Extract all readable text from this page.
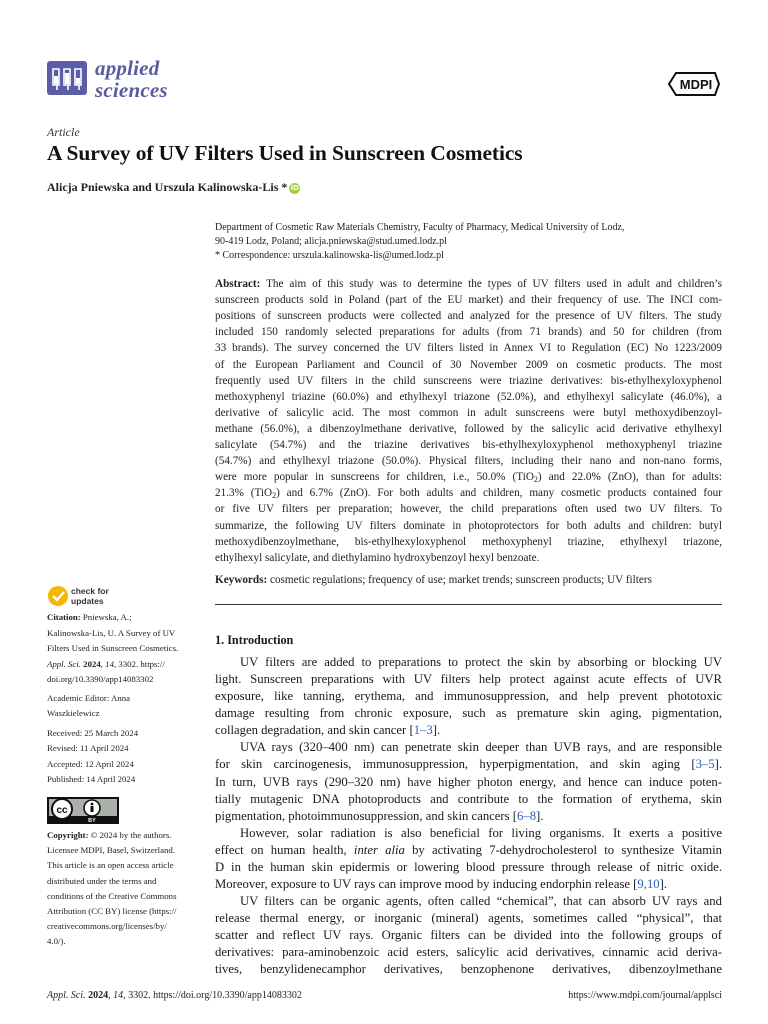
applied
sciences	MDPI
Article
A Survey of UV Filters Used in Sunscreen Cosmetics
Alicja Pniewska and Urszula Kalinowska-Lis * iD
Department of Cosmetic Raw Materials Chemistry, Faculty of Pharmacy, Medical University of Lodz,
90-419 Lodz, Poland; alicja.pniewska@stud.umed.lodz.pl
* Correspondence: urszula.kalinowska-lis@umed.lodz.pl
Abstract: The aim of this study was to determine the types of UV filters used in adult and children’s
sunscreen products sold in Poland (part of the EU market) and their frequency of use. The INCI com-
positions of sunscreen products were collected and analyzed for the presence of UV filters. The study
included 150 randomly selected preparations for adults (from 71 brands) and 50 for children (from
33 brands). The survey concerned the UV filters listed in Annex VI to Regulation (EC) No 1223/2009
of the European Parliament and Council of 30 November 2009 on cosmetic products. The most
frequently used UV filters in the child sunscreens were triazine derivatives: bis-ethylhexyloxyphenol
methoxyphenyl triazine (60.0%) and ethylhexyl triazone (52.0%), and ethylhexyl salicylate (46.0%), a
derivative of salicylic acid. The most common in adult sunscreens were butyl methoxydibenzoyl-
methane (56.0%), a dibenzoylmethane derivative, followed by the salicylic acid derivative ethylhexyl
salicylate (54.7%) and the triazine derivatives bis-ethylhexyloxyphenol methoxyphenyl triazine
(54.7%) and ethylhexyl triazone (50.0%). Physical filters, including their nano and non-nano forms,
were more popular in sunscreens for children, i.e., 50.0% (TiO2) and 22.0% (ZnO), than for adults:
21.3% (TiO2) and 6.7% (ZnO). For both adults and children, many cosmetic products contained four
or five UV filters per preparation; however, the child preparations often used two UV filters. To
summarize, the following UV filters dominate in photoprotectors for both adults and children: butyl
methoxydibenzoylmethane, bis-ethylhexyloxyphenol methoxyphenyl triazine, ethylhexyl triazone,
ethylhexyl salicylate, and diethylamino hydroxybenzoyl hexyl benzoate.
Keywords: cosmetic regulations; frequency of use; market trends; sunscreen products; UV filters
check for
updates
Citation: Pniewska, A.;
Kalinowska-Lis, U. A Survey of UV
Filters Used in Sunscreen Cosmetics.
Appl. Sci. 2024, 14, 3302. https://
doi.org/10.3390/app14083302
Academic Editor: Anna
Waszkielewicz
Received: 25 March 2024
Revised: 11 April 2024
Accepted: 12 April 2024
Published: 14 April 2024
cc
BY
Copyright: © 2024 by the authors.
Licensee MDPI, Basel, Switzerland.
This article is an open access article
distributed under the terms and
conditions of the Creative Commons
Attribution (CC BY) license (https://
creativecommons.org/licenses/by/
4.0/).
1. Introduction
UV filters are added to preparations to protect the skin by absorbing or blocking UV
light. Sunscreen preparations with UV filters help protect against acute effects of UVR
exposure, like tanning, erythema, and immunosuppression, and help prevent phototoxic
damage resulting from chronic exposure, such as premature skin aging, pigmentation,
collagen degradation, and skin cancer [1–3].
UVA rays (320–400 nm) can penetrate skin deeper than UVB rays, and are responsible
for skin carcinogenesis, immunosuppression, hyperpigmentation, and skin aging [3–5].
In turn, UVB rays (290–320 nm) have higher photon energy, and hence can induce poten-
tially mutagenic DNA photoproducts and contribute to the formation of erythema, skin
pigmentation, photoimmunosuppression, and skin cancers [6–8].
However, solar radiation is also beneficial for living organisms. It exerts a positive
effect on human health, inter alia by activating 7-dehydrocholesterol to synthesize Vitamin
D in the human skin epidermis or lowering blood pressure through release of nitric oxide.
Moreover, exposure to UV rays can improve mood by inducing endorphin release [9,10].
UV filters can be organic agents, often called “chemical”, that can absorb UV rays and
release thermal energy, or inorganic (mineral) agents, sometimes called “physical”, that
scatter and reflect UV rays. Organic filters can be divided into the following groups of
derivatives: para-aminobenzoic acid esters, salicylic acid derivatives, cinnamic acid deriva-
tives, benzylidenecamphor derivatives, benzophenone derivatives, dibenzoylmethane
Appl. Sci. 2024, 14, 3302. https://doi.org/10.3390/app14083302	https://www.mdpi.com/journal/applsci
